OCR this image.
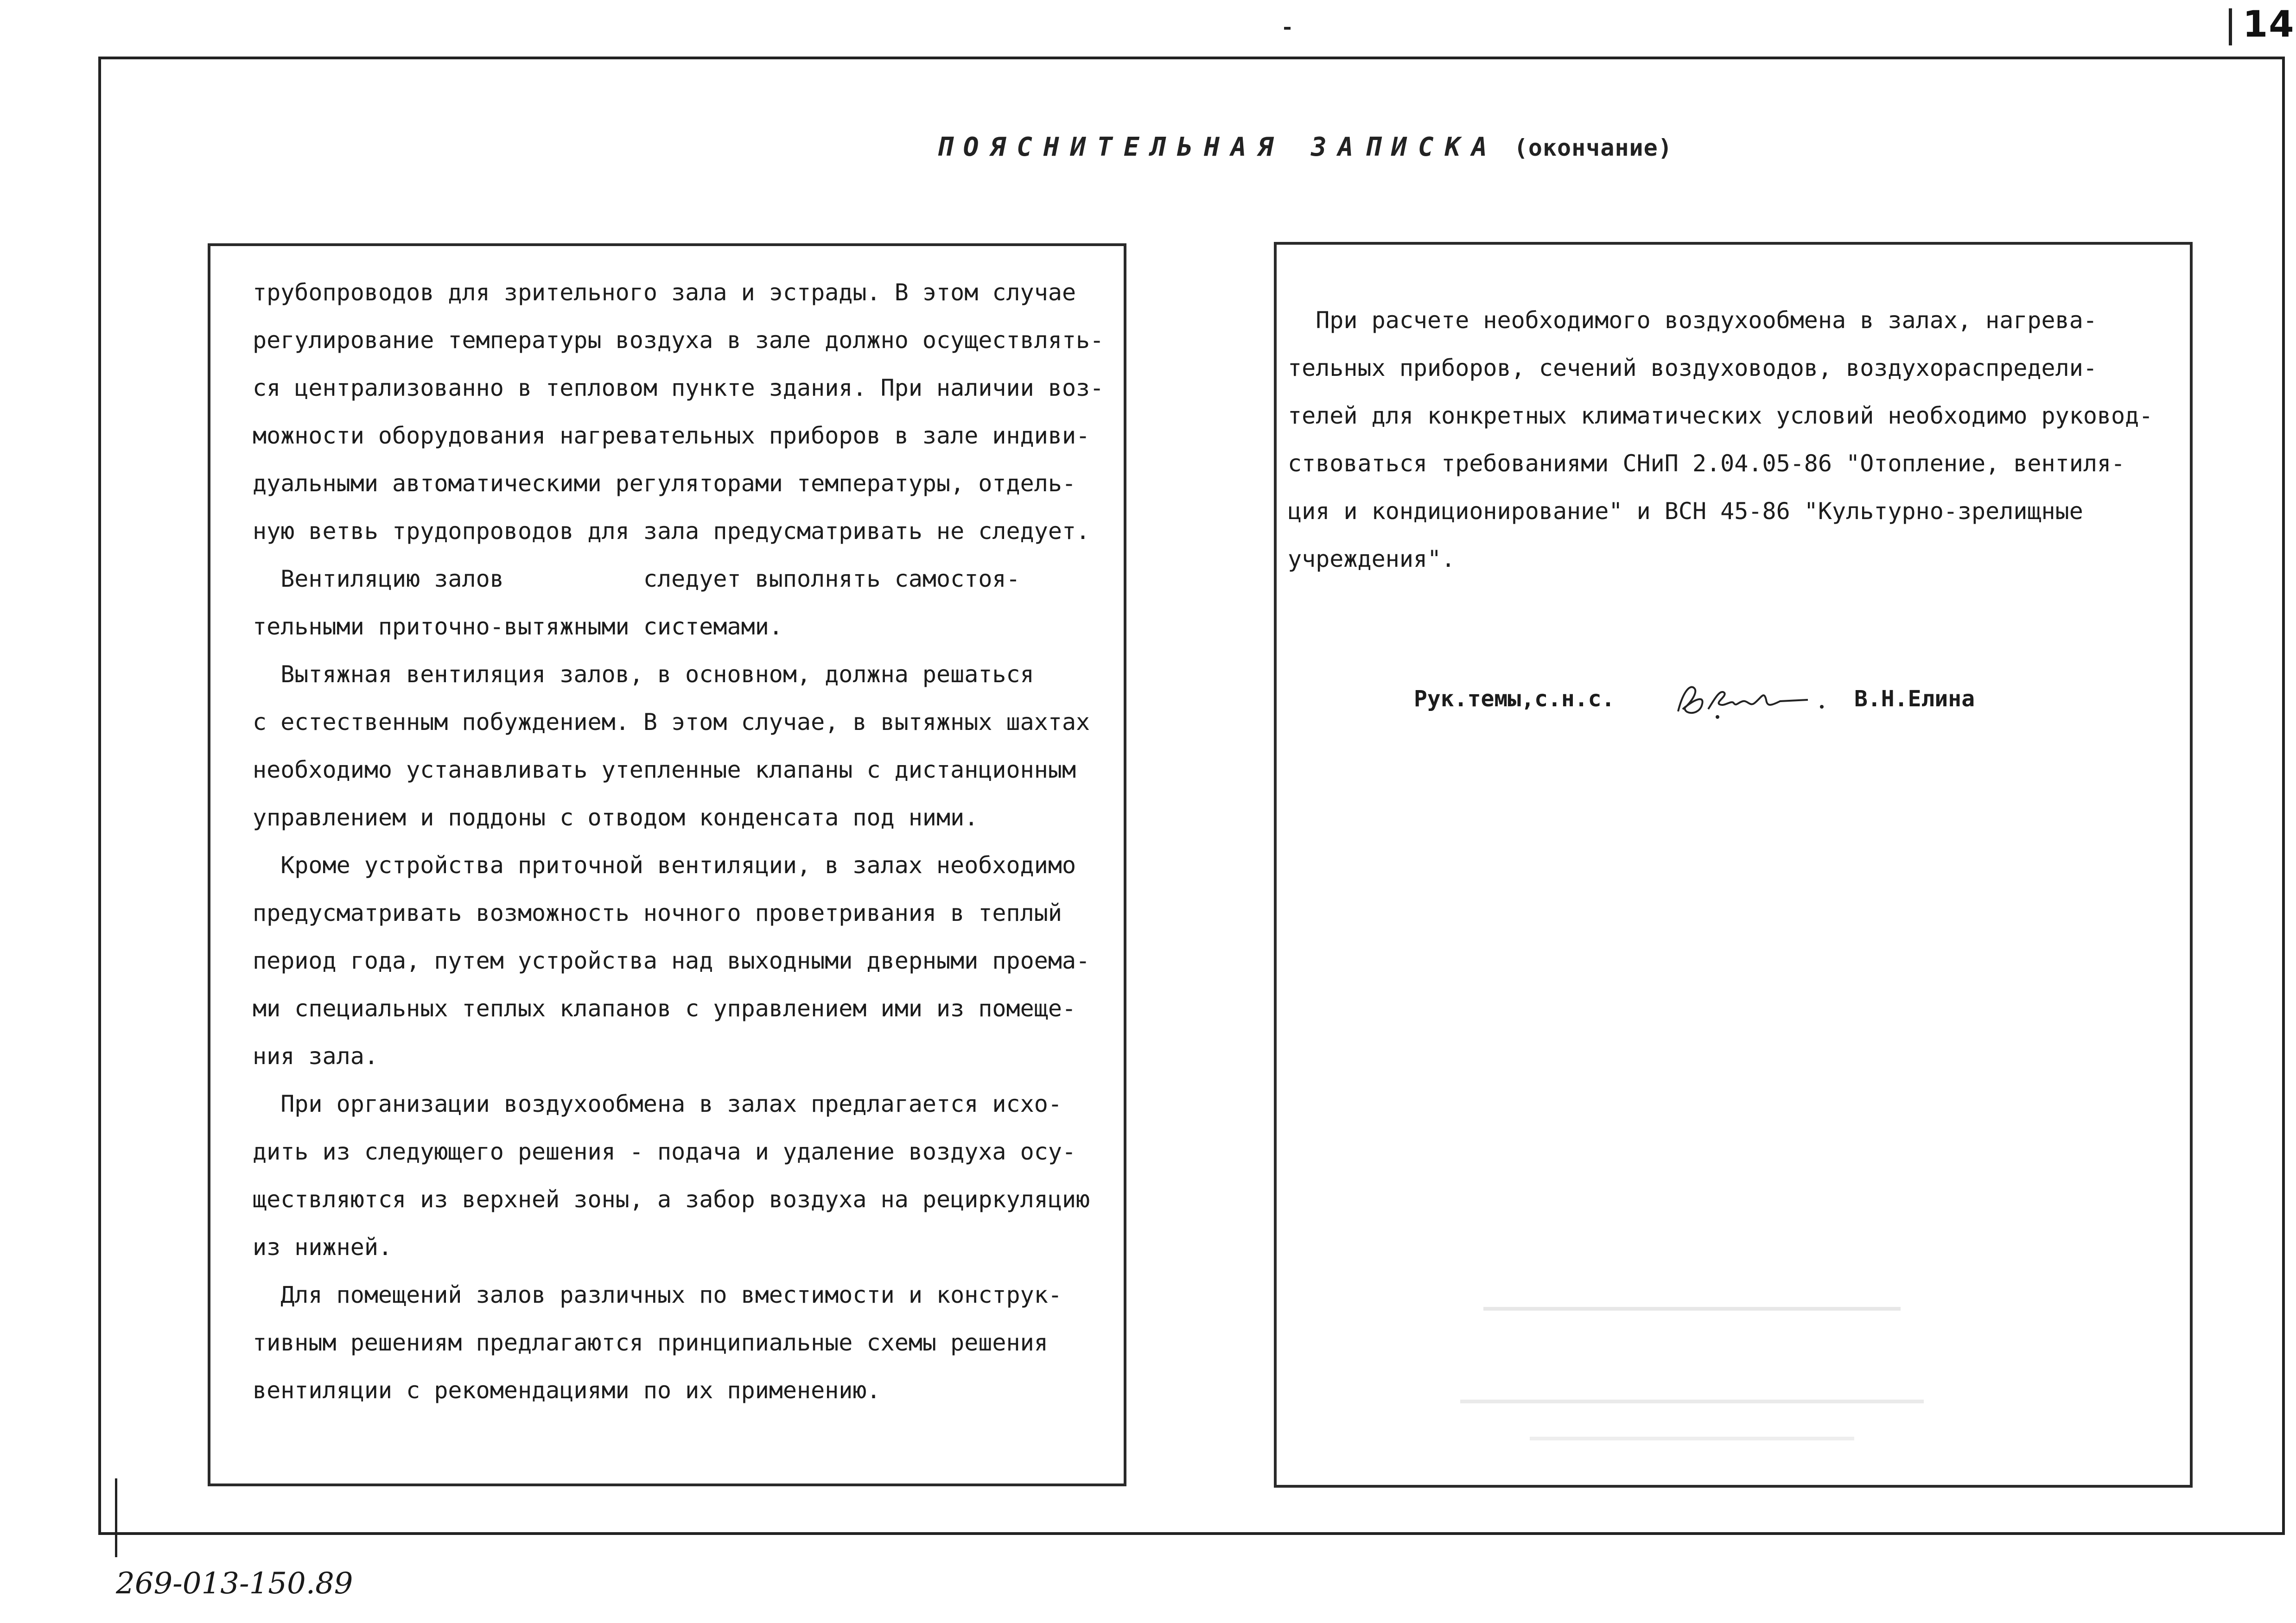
14
ПОЯСНИТЕЛЬНАЯ ЗАПИСКА (окончание)
трубопроводов для зрительного зала и эстрады. В этом случае
регулирование температуры воздуха в зале должно осуществлять-
ся централизованно в тепловом пункте здания. При наличии воз-
можности оборудования нагревательных приборов в зале индиви-
дуальными автоматическими регуляторами температуры, отдель-
ную ветвь трудопроводов для зала предусматривать не следует.
Вентиляцию залов          следует выполнять самостоя-
тельными приточно-вытяжными системами.
Вытяжная вентиляция залов, в основном, должна решаться
с естественным побуждением. В этом случае, в вытяжных шахтах
необходимо устанавливать утепленные клапаны с дистанционным
управлением и поддоны с отводом конденсата под ними.
Кроме устройства приточной вентиляции, в залах необходимо
предусматривать возможность ночного проветривания в теплый
период года, путем устройства над выходными дверными проема-
ми специальных теплых клапанов с управлением ими из помеще-
ния зала.
При организации воздухообмена в залах предлагается исхо-
дить из следующего решения - подача и удаление воздуха осу-
ществляются из верхней зоны, а забор воздуха на рециркуляцию
из нижней.
Для помещений залов различных по вместимости и конструк-
тивным решениям предлагаются принципиальные схемы решения
вентиляции с рекомендациями по их применению.
При расчете необходимого воздухообмена в залах, нагрева-
тельных приборов, сечений воздуховодов, воздухораспредели-
телей для конкретных климатических условий необходимо руковод-
ствоваться требованиями СНиП 2.04.05-86 "Отопление, вентиля-
ция и кондиционирование" и ВСН 45-86 "Культурно-зрелищные
учреждения".
Рук.темы,с.н.с.	В.Н.Елина
269-013-150.89
